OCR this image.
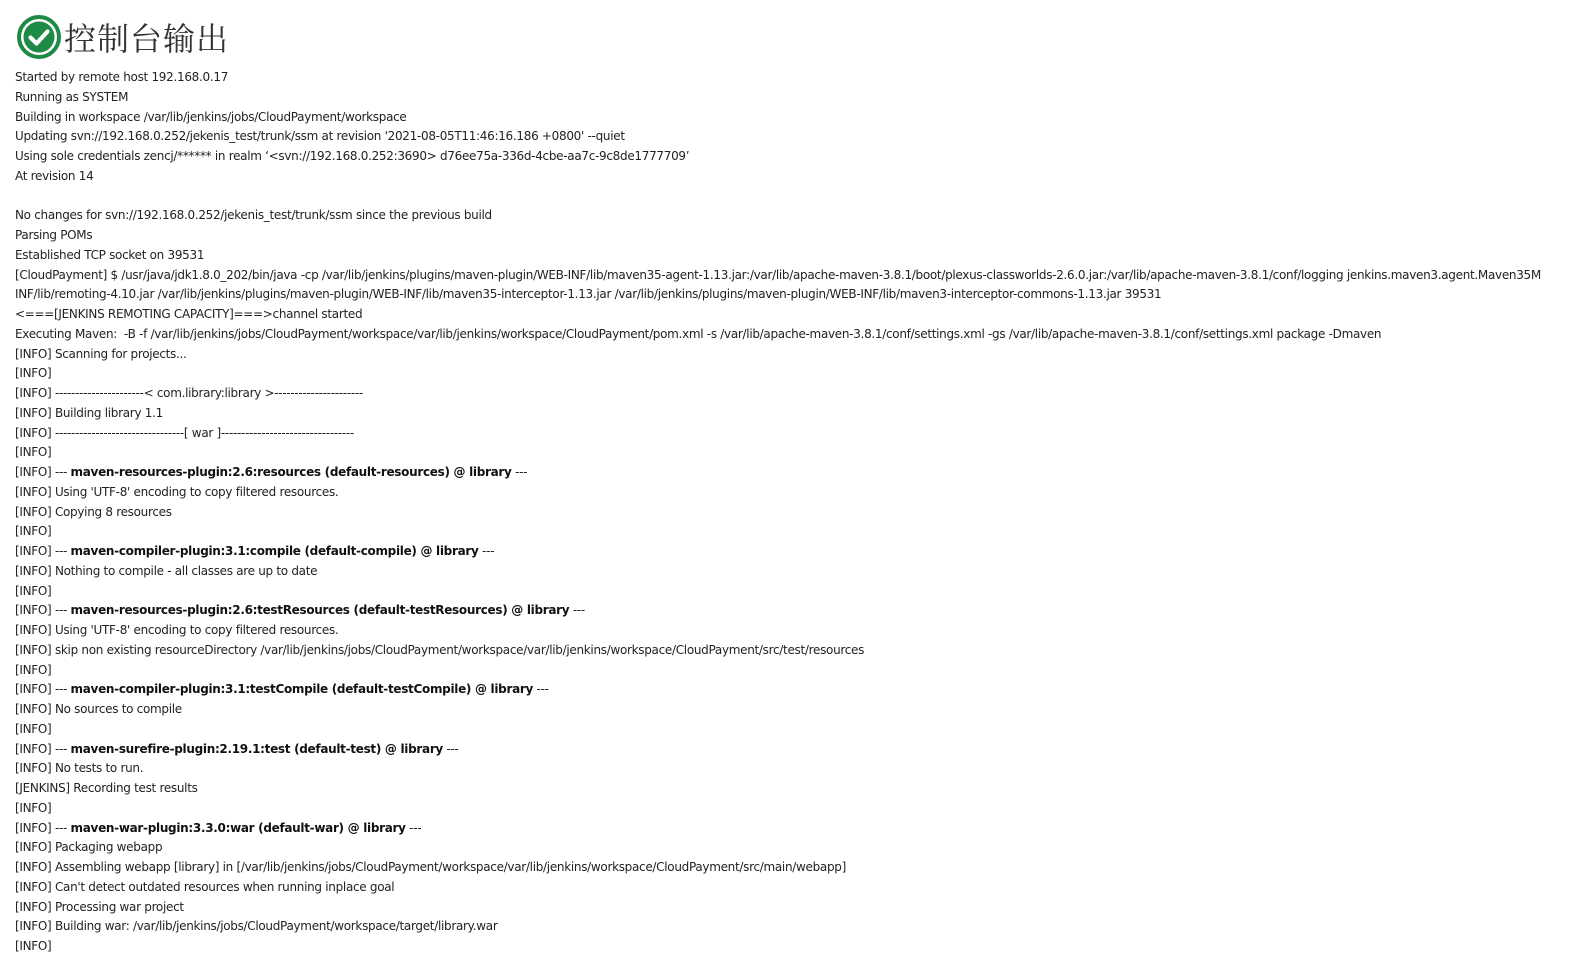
控制台输出
Started by remote host 192.168.0.17
Running as SYSTEM
Building in workspace /var/lib/jenkins/jobs/CloudPayment/workspace
Updating svn://192.168.0.252/jekenis_test/trunk/ssm at revision '2021-08-05T11:46:16.186 +0800' --quiet
Using sole credentials zencj/****** in realm ‘<svn://192.168.0.252:3690> d76ee75a-336d-4cbe-aa7c-9c8de1777709’
At revision 14
No changes for svn://192.168.0.252/jekenis_test/trunk/ssm since the previous build
Parsing POMs
Established TCP socket on 39531
[CloudPayment] $ /usr/java/jdk1.8.0_202/bin/java -cp /var/lib/jenkins/plugins/maven-plugin/WEB-INF/lib/maven35-agent-1.13.jar:/var/lib/apache-maven-3.8.1/boot/plexus-classworlds-2.6.0.jar:/var/lib/apache-maven-3.8.1/conf/logging jenkins.maven3.agent.Maven35M
INF/lib/remoting-4.10.jar /var/lib/jenkins/plugins/maven-plugin/WEB-INF/lib/maven35-interceptor-1.13.jar /var/lib/jenkins/plugins/maven-plugin/WEB-INF/lib/maven3-interceptor-commons-1.13.jar 39531
<===[JENKINS REMOTING CAPACITY]===>channel started
Executing Maven:  -B -f /var/lib/jenkins/jobs/CloudPayment/workspace/var/lib/jenkins/workspace/CloudPayment/pom.xml -s /var/lib/apache-maven-3.8.1/conf/settings.xml -gs /var/lib/apache-maven-3.8.1/conf/settings.xml package -Dmaven
[INFO] Scanning for projects...
[INFO]
[INFO] ----------------------< com.library:library >----------------------
[INFO] Building library 1.1
[INFO] --------------------------------[ war ]---------------------------------
[INFO]
[INFO] --- maven-resources-plugin:2.6:resources (default-resources) @ library ---
[INFO] Using 'UTF-8' encoding to copy filtered resources.
[INFO] Copying 8 resources
[INFO]
[INFO] --- maven-compiler-plugin:3.1:compile (default-compile) @ library ---
[INFO] Nothing to compile - all classes are up to date
[INFO]
[INFO] --- maven-resources-plugin:2.6:testResources (default-testResources) @ library ---
[INFO] Using 'UTF-8' encoding to copy filtered resources.
[INFO] skip non existing resourceDirectory /var/lib/jenkins/jobs/CloudPayment/workspace/var/lib/jenkins/workspace/CloudPayment/src/test/resources
[INFO]
[INFO] --- maven-compiler-plugin:3.1:testCompile (default-testCompile) @ library ---
[INFO] No sources to compile
[INFO]
[INFO] --- maven-surefire-plugin:2.19.1:test (default-test) @ library ---
[INFO] No tests to run.
[JENKINS] Recording test results
[INFO]
[INFO] --- maven-war-plugin:3.3.0:war (default-war) @ library ---
[INFO] Packaging webapp
[INFO] Assembling webapp [library] in [/var/lib/jenkins/jobs/CloudPayment/workspace/var/lib/jenkins/workspace/CloudPayment/src/main/webapp]
[INFO] Can't detect outdated resources when running inplace goal
[INFO] Processing war project
[INFO] Building war: /var/lib/jenkins/jobs/CloudPayment/workspace/target/library.war
[INFO]
